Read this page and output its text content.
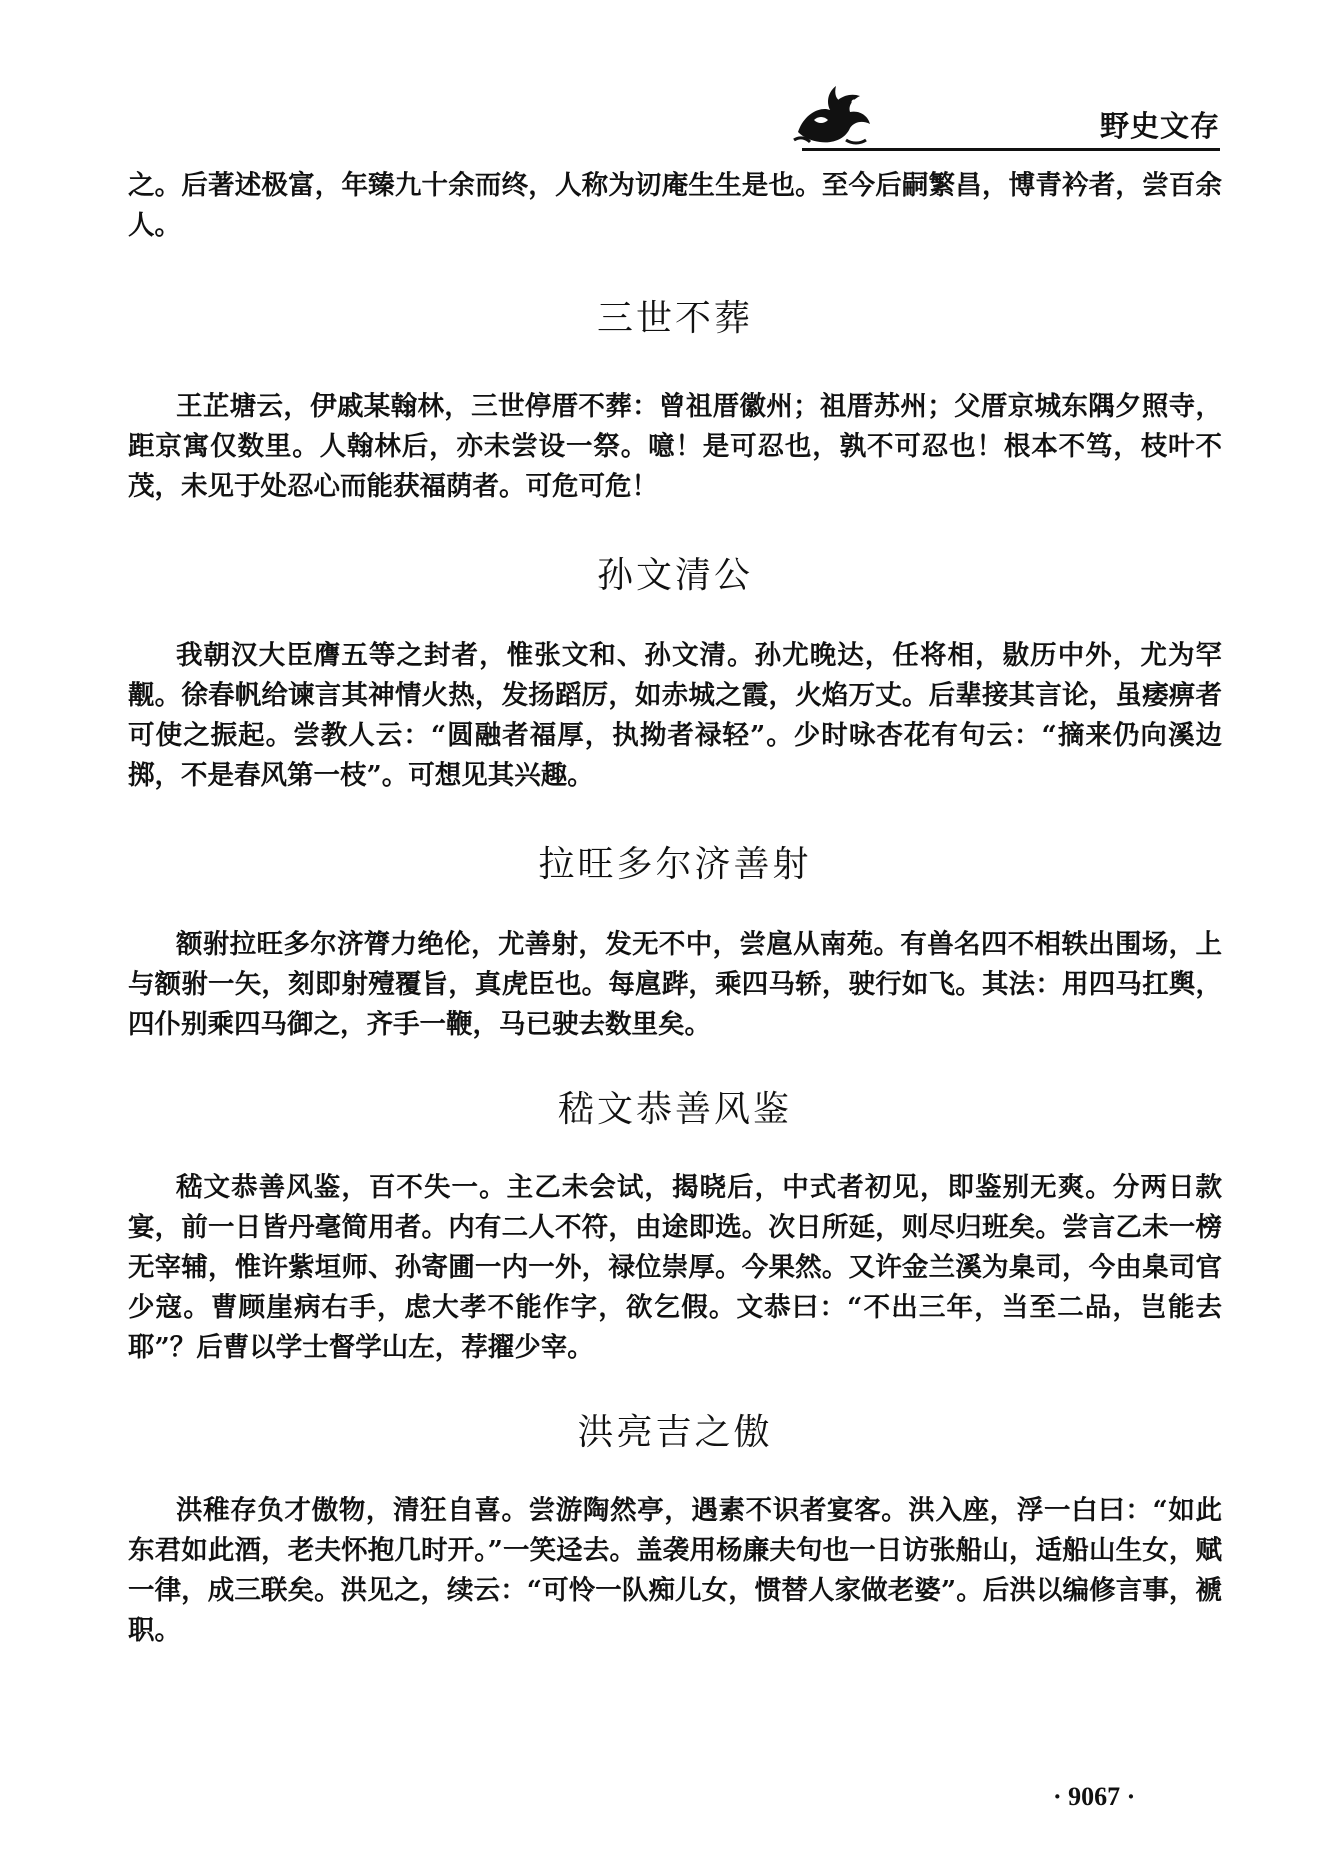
野史文存

之。后著述极富，年臻九十余而终，人称为讱庵生生是也。至今后嗣繁昌，博青衿者，尝百余人。

三世不葬

王芷塘云，伊戚某翰林，三世停厝不葬：曾祖厝徽州；祖厝苏州；父厝京城东隅夕照寺，距京寓仅数里。人翰林后，亦未尝设一祭。噫！是可忍也，孰不可忍也！根本不笃，枝叶不茂，未见于处忍心而能获福荫者。可危可危！

孙文清公

我朝汉大臣膺五等之封者，惟张文和、孙文清。孙尤晚达，任将相，敭历中外，尤为罕觏。徐春帆给谏言其神情火热，发扬蹈厉，如赤城之霞，火焰万丈。后辈接其言论，虽痿痹者可使之振起。尝教人云：“圆融者福厚，执拗者禄轻”。少时咏杏花有句云：“摘来仍向溪边掷，不是春风第一枝”。可想见其兴趣。

拉旺多尔济善射

额驸拉旺多尔济膂力绝伦，尤善射，发无不中，尝扈从南苑。有兽名四不相轶出围场，上与额驸一矢，刻即射殪覆旨，真虎臣也。每扈跸，乘四马轿，驶行如飞。其法：用四马扛舆，四仆别乘四马御之，齐手一鞭，马已驶去数里矣。

嵇文恭善风鉴

嵇文恭善风鉴，百不失一。主乙未会试，揭晓后，中式者初见，即鉴别无爽。分两日款宴，前一日皆丹毫简用者。内有二人不符，由途即选。次日所延，则尽归班矣。尝言乙未一榜无宰辅，惟许紫垣师、孙寄圃一内一外，禄位崇厚。今果然。又许金兰溪为臬司，今由臬司官少寇。曹顾崖病右手，虑大孝不能作字，欲乞假。文恭曰：“不出三年，当至二品，岂能去耶”？后曹以学士督学山左，荐擢少宰。

洪亮吉之傲

洪稚存负才傲物，清狂自喜。尝游陶然亭，遇素不识者宴客。洪入座，浮一白曰：“如此东君如此酒，老夫怀抱几时开。”一笑迳去。盖袭用杨廉夫句也一日访张船山，适船山生女，赋一律，成三联矣。洪见之，续云：“可怜一队痴儿女，惯替人家做老婆”。后洪以编修言事，褫职。

· 9067 ·
